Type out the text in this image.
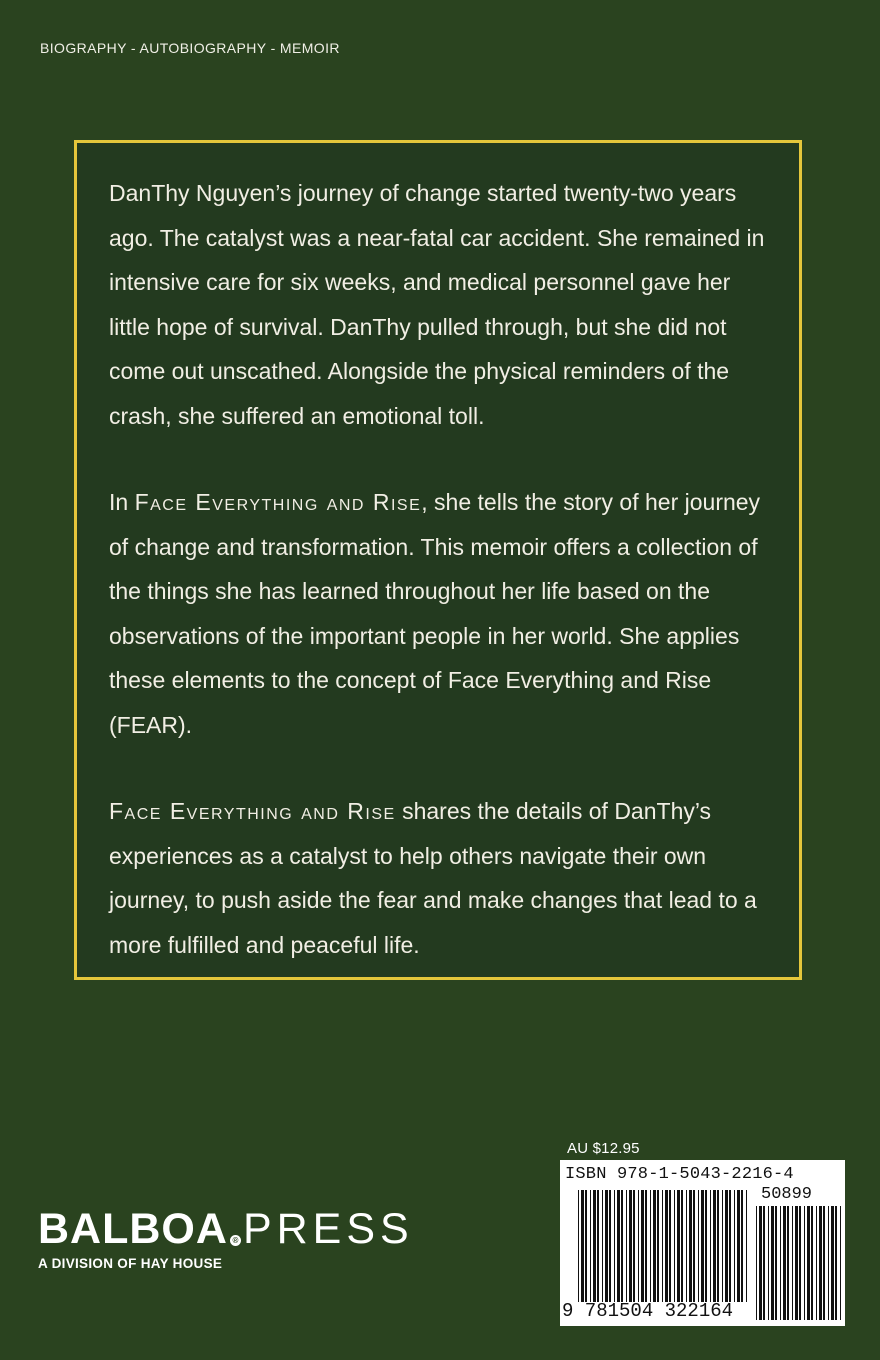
BIOGRAPHY - AUTOBIOGRAPHY - MEMOIR

DanThy Nguyen’s journey of change started twenty-two years ago. The catalyst was a near-fatal car accident. She remained in intensive care for six weeks, and medical personnel gave her little hope of survival. DanThy pulled through, but she did not come out unscathed. Alongside the physical reminders of the crash, she suffered an emotional toll.

In Face Everything and Rise, she tells the story of her journey of change and transformation. This memoir offers a collection of the things she has learned throughout her life based on the observations of the important people in her world. She applies these elements to the concept of Face Everything and Rise (FEAR).

Face Everything and Rise shares the details of DanThy’s experiences as a catalyst to help others navigate their own journey, to push aside the fear and make changes that lead to a more fulfilled and peaceful life.

BALBOA ® PRESS
A DIVISION OF HAY HOUSE
AU $12.95
ISBN 978-1-5043-2216-4
50899
9 781504 322164
